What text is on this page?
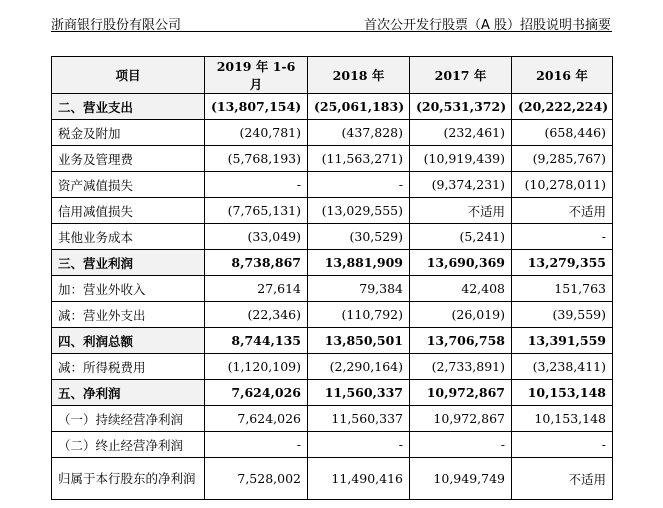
浙商银行股份有限公司	首次公开发行股票（A 股）招股说明书摘要
项目	2019 年 1-6 月	2018 年	2017 年	2016 年
二、营业支出	(13,807,154)	(25,061,183)	(20,531,372)	(20,222,224)
税金及附加	(240,781)	(437,828)	(232,461)	(658,446)
业务及管理费	(5,768,193)	(11,563,271)	(10,919,439)	(9,285,767)
资产减值损失	-	-	(9,374,231)	(10,278,011)
信用减值损失	(7,765,131)	(13,029,555)	不适用	不适用
其他业务成本	(33,049)	(30,529)	(5,241)	-
三、营业利润	8,738,867	13,881,909	13,690,369	13,279,355
加：营业外收入	27,614	79,384	42,408	151,763
减：营业外支出	(22,346)	(110,792)	(26,019)	(39,559)
四、利润总额	8,744,135	13,850,501	13,706,758	13,391,559
减：所得税费用	(1,120,109)	(2,290,164)	(2,733,891)	(3,238,411)
五、净利润	7,624,026	11,560,337	10,972,867	10,153,148
（一）持续经营净利润	7,624,026	11,560,337	10,972,867	10,153,148
（二）终止经营净利润	-	-	-	-

归属于本行股东的净利润	7,528,002	11,490,416	10,949,749	不适用
